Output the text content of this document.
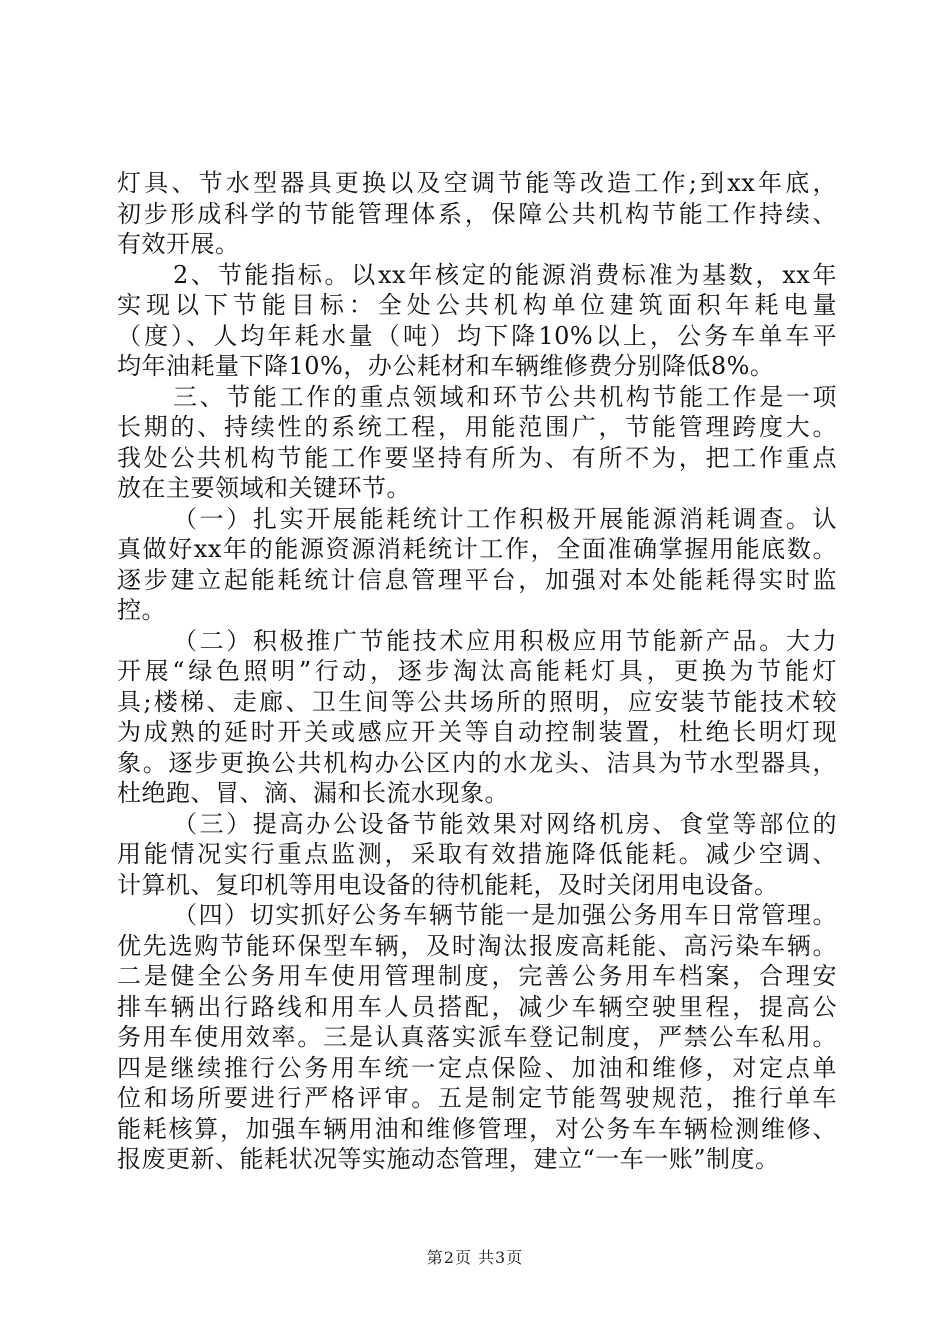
灯具、节水型器具更换以及空调节能等改造工作;到xx年底，
初步形成科学的节能管理体系，保障公共机构节能工作持续、
有效开展。
2、节能指标。以xx年核定的能源消费标准为基数，xx年
实现以下节能目标：全处公共机构单位建筑面积年耗电量
（度）、人均年耗水量（吨）均下降10%以上，公务车单车平
均年油耗量下降10%，办公耗材和车辆维修费分别降低8%。
三、节能工作的重点领域和环节公共机构节能工作是一项
长期的、持续性的系统工程，用能范围广，节能管理跨度大。
我处公共机构节能工作要坚持有所为、有所不为，把工作重点
放在主要领域和关键环节。
（一）扎实开展能耗统计工作积极开展能源消耗调查。认
真做好xx年的能源资源消耗统计工作，全面准确掌握用能底数。
逐步建立起能耗统计信息管理平台，加强对本处能耗得实时监
控。
（二）积极推广节能技术应用积极应用节能新产品。大力
开展“绿色照明”行动，逐步淘汰高能耗灯具，更换为节能灯
具;楼梯、走廊、卫生间等公共场所的照明，应安装节能技术较
为成熟的延时开关或感应开关等自动控制装置，杜绝长明灯现
象。逐步更换公共机构办公区内的水龙头、洁具为节水型器具，
杜绝跑、冒、滴、漏和长流水现象。
（三）提高办公设备节能效果对网络机房、食堂等部位的
用能情况实行重点监测，采取有效措施降低能耗。减少空调、
计算机、复印机等用电设备的待机能耗，及时关闭用电设备。
（四）切实抓好公务车辆节能一是加强公务用车日常管理。
优先选购节能环保型车辆，及时淘汰报废高耗能、高污染车辆。
二是健全公务用车使用管理制度，完善公务用车档案，合理安
排车辆出行路线和用车人员搭配，减少车辆空驶里程，提高公
务用车使用效率。三是认真落实派车登记制度，严禁公车私用。
四是继续推行公务用车统一定点保险、加油和维修，对定点单
位和场所要进行严格评审。五是制定节能驾驶规范，推行单车
能耗核算，加强车辆用油和维修管理，对公务车车辆检测维修、
报废更新、能耗状况等实施动态管理，建立“一车一账”制度。
第2页 共3页
